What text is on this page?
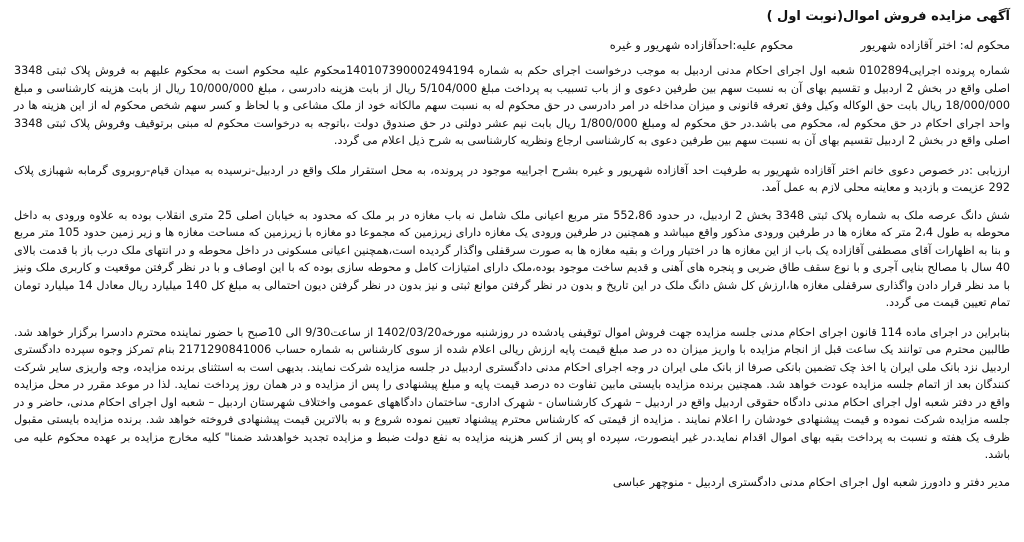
آگهی مزایده فروش اموال(نوبت اول )
محکوم له: اختر آقازاده شهریور  محکوم علیه:احدآقازاده شهریور و غیره

شماره پرونده اجرایی0102894 شعبه اول اجرای احکام مدنی اردبیل به موجب درخواست اجرای حکم به شماره 140107390002494194محکوم علیه محکوم است به محکوم علیهم به فروش پلاک ثبتی 3348 اصلی واقع در بخش 2 اردبیل و تقسیم بهای آن به نسبت سهم بین طرفین دعوی و از باب تسبیب به پرداخت مبلغ 5/104/000 ریال از بابت هزینه دادرسی ، مبلغ 10/000/000 ریال از بابت هزینه کارشناسی و مبلغ 18/000/000 ریال بابت حق الوکاله وکیل وفق تعرفه قانونی و میزان مداخله در امر دادرسی در حق محکوم له به نسبت سهم مالکانه خود از ملک مشاعی و با لحاظ و کسر سهم شخص محکوم له از این هزینه ها در واحد اجرای احکام در حق محکوم له، محکوم می باشد.در حق محکوم له ومبلغ 1/800/000 ریال بابت نیم عشر دولتی در حق صندوق دولت ،باتوجه به درخواست محکوم له مبنی برتوقیف وفروش پلاک ثبتی 3348 اصلی واقع در بخش 2 اردبیل تقسیم بهای آن به نسبت سهم بین طرفین دعوی به کارشناسی ارجاع ونظریه کارشناسی به شرح ذیل اعلام می گردد.

ارزیابی :در خصوص دعوی خانم اختر آقازاده شهریور به طرفیت احد آقازاده شهریور و غیره بشرح اجراییه موجود در پرونده، به محل استقرار ملک واقع در اردبیل-نرسیده به میدان قیام-روبروی گرمابه شهبازی پلاک 292 عزیمت و بازدید و معاینه محلی لازم به عمل آمد.

شش دانگ عرصه ملک به شماره پلاک ثبتی 3348 بخش 2 اردبیل، در حدود 552،86 متر مربع اعیانی ملک شامل نه باب مغازه در بر ملک که محدود به خیابان اصلی 25 متری انقلاب بوده به علاوه ورودی به داخل محوطه به طول 2،4 متر که مغازه ها در طرفین ورودی مذکور واقع میباشد و همچنین در طرفین ورودی یک مغازه دارای زیرزمین که مجموعا دو مغازه با زیرزمین که مساحت مغازه ها و زیر زمین حدود 105 متر مربع و بنا به اظهارات آقای مصطفی آقازاده یک باب از این مغازه ها در اختیار وراث و بقیه مغازه ها به صورت سرقفلی واگذار گردیده است،همچنین اعیانی مسکونی در داخل محوطه و در انتهای ملک درب باز با قدمت بالای 40 سال با مصالح بنایی آجری و با نوع سقف طاق ضربی و پنجره های آهنی و قدیم ساخت موجود بوده،ملک دارای امتیازات کامل و محوطه سازی بوده که با این اوصاف و با در نظر گرفتن موقعیت و کاربری ملک ونیز با مد نظر قرار دادن واگذاری سرقفلی مغازه ها،ارزش کل شش دانگ ملک در این تاریخ و بدون در نظر گرفتن موانع ثبتی و نیز بدون در نظر گرفتن دیون احتمالی به مبلغ کل 140 میلیارد ریال معادل 14 میلیارد تومان تمام تعیین قیمت می گردد.

بنابراین در اجرای ماده 114 قانون اجرای احکام مدنی جلسه مزایده جهت فروش اموال توقیفی یادشده در روزشنبه مورخه1402/03/20 از ساعت9/30 الی 10صبح با حضور نماینده محترم دادسرا برگزار خواهد شد. طالبین محترم می توانند یک ساعت قبل از انجام مزایده با واریز میزان ده در صد مبلغ قیمت پایه ارزش ریالی اعلام شده از سوی کارشناس به شماره حساب 2171290841006 بنام تمرکز وجوه سپرده دادگستری اردبیل نزد بانک ملی ایران یا اخذ چک تضمین بانکی صرفا از بانک ملی ایران در وجه اجرای احکام مدنی دادگستری اردبیل در جلسه مزایده شرکت نمایند. بدیهی است به استثنای برنده مزایده، وجه واریزی سایر شرکت کنندگان بعد از اتمام جلسه مزایده عودت خواهد شد. همچنین برنده مزایده بایستی مابین تفاوت ده درصد قیمت پایه و مبلغ پیشنهادی را پس از مزایده و در همان روز پرداخت نماید. لذا در موعد مقرر در محل مزایده واقع در دفتر شعبه اول اجرای احکام مدنی دادگاه حقوقی اردبیل واقع در اردبیل – شهرک کارشناسان - شهرک اداری- ساختمان دادگاههای عمومی واختلاف شهرستان اردبیل – شعبه اول اجرای احکام مدنی، حاضر و در جلسه مزایده شرکت نموده و قیمت پیشنهادی خودشان را اعلام نمایند . مزایده از قیمتی که کارشناس محترم پیشنهاد تعیین نموده شروع و به بالاترین قیمت پیشنهادی فروخته خواهد شد. برنده مزایده بایستی مقبول ظرف یک هفته و نسبت به پرداخت بقیه بهای اموال اقدام نماید.در غیر اینصورت، سپرده او پس از کسر هزینه مزایده به نفع دولت ضبط و مزایده تجدید خواهدشد ضمنا" کلیه مخارج مزایده بر عهده محکوم علیه می باشد.

مدیر دفتر و دادورز شعبه اول اجرای احکام مدنی دادگستری اردبیل - منوچهر عباسی
